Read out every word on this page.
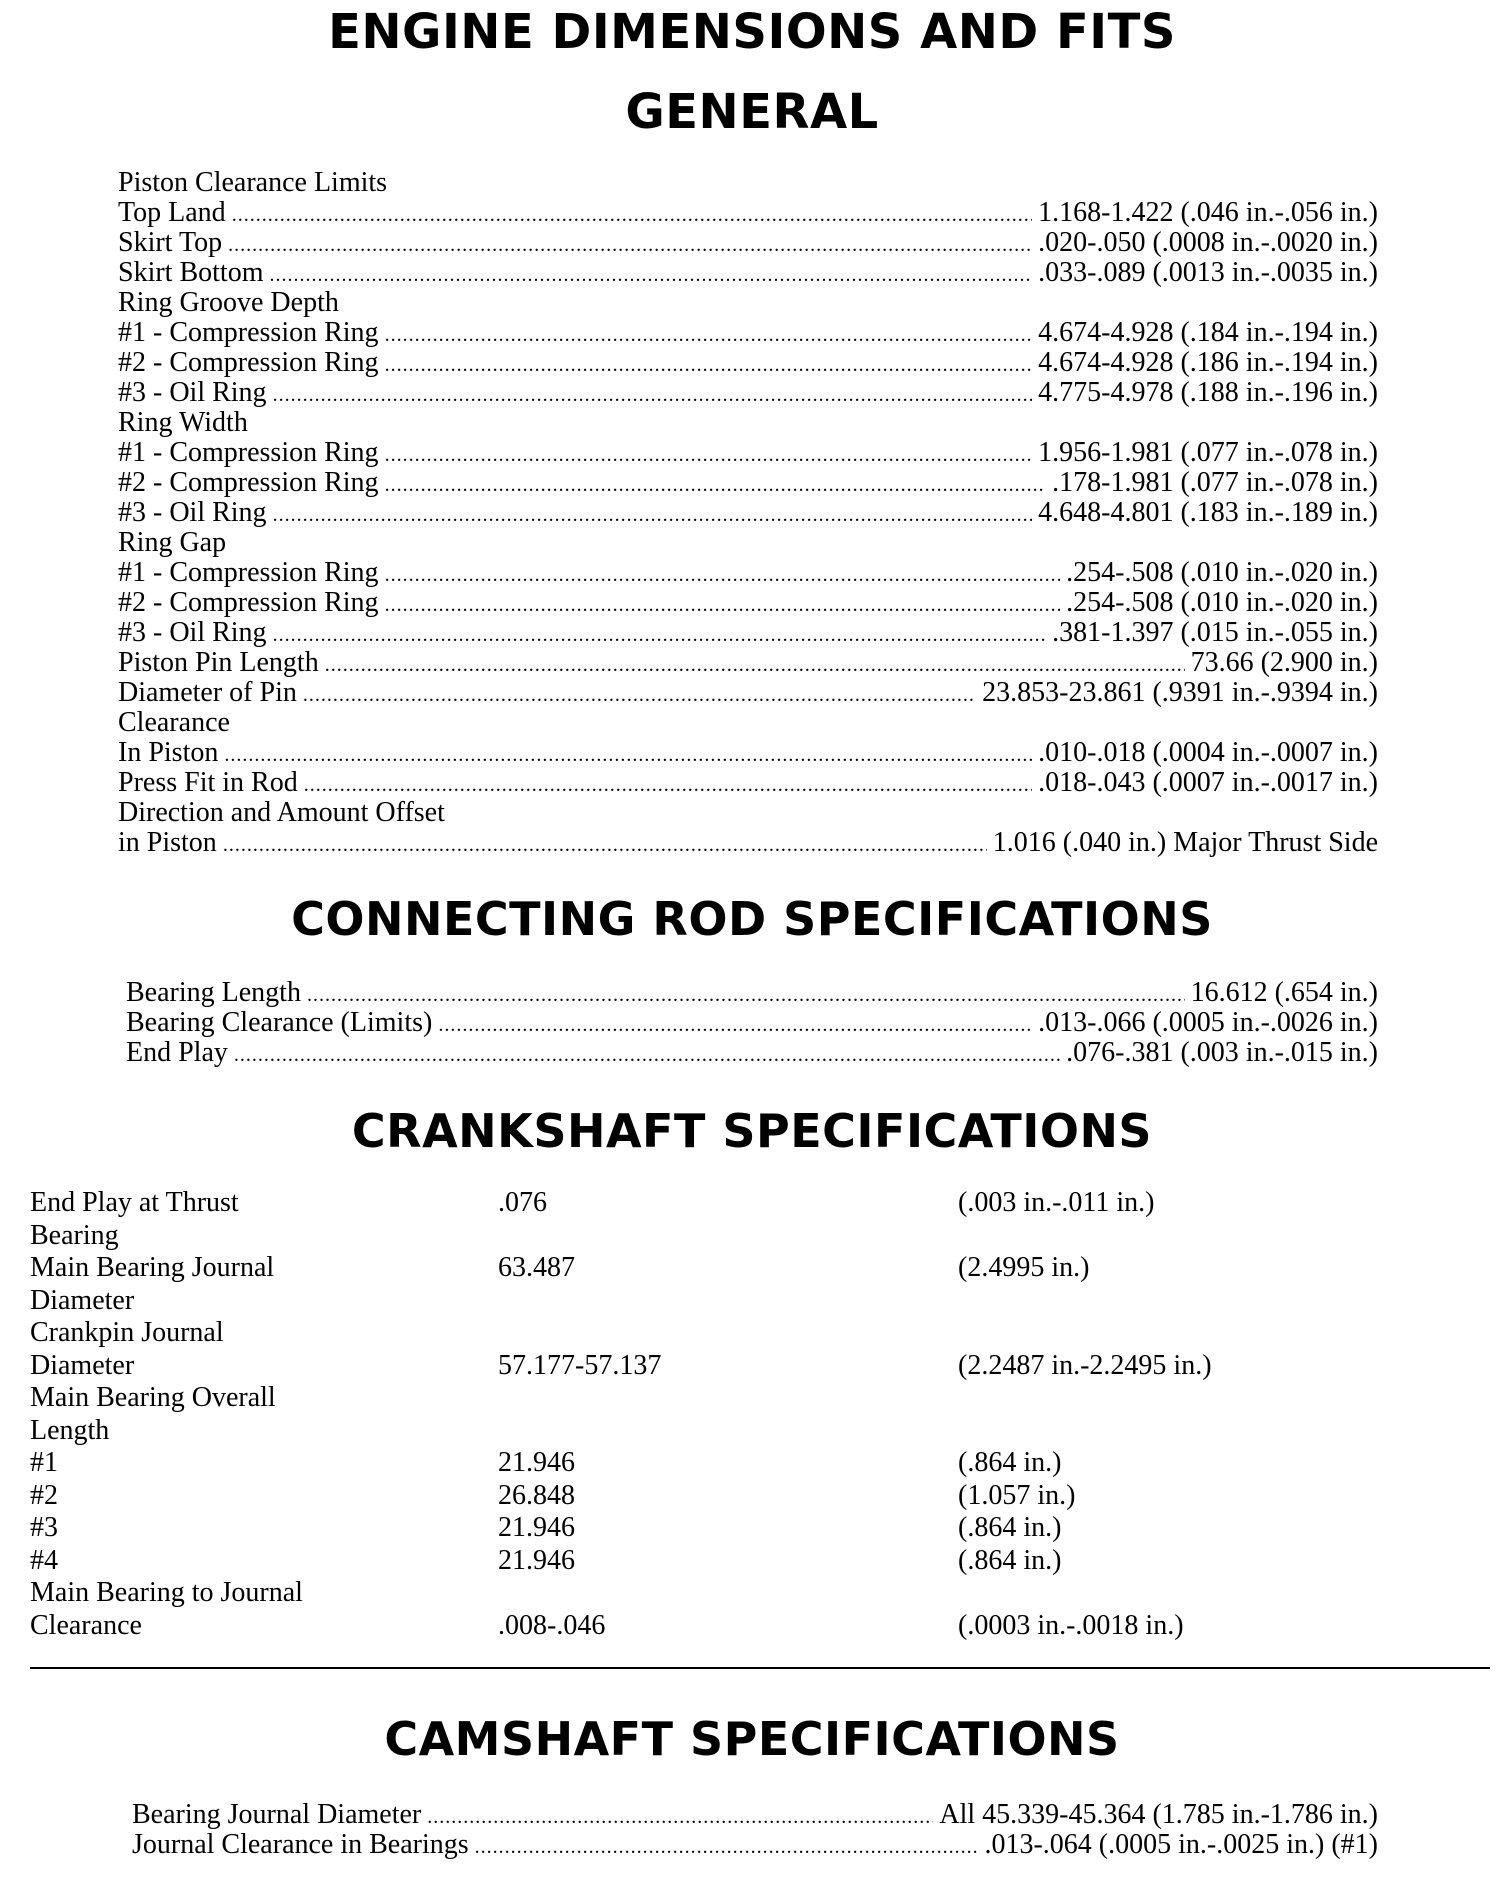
ENGINE DIMENSIONS AND FITS
GENERAL
Piston Clearance Limits
Top Land .....	1.168-1.422 (.046 in.-.056 in.)
Skirt Top .....	.020-.050 (.0008 in.-.0020 in.)
Skirt Bottom .....	.033-.089 (.0013 in.-.0035 in.)
Ring Groove Depth
#1 - Compression Ring .....	4.674-4.928 (.184 in.-.194 in.)
#2 - Compression Ring .....	4.674-4.928 (.186 in.-.194 in.)
#3 - Oil Ring .....	4.775-4.978 (.188 in.-.196 in.)
Ring Width
#1 - Compression Ring .....	1.956-1.981 (.077 in.-.078 in.)
#2 - Compression Ring .....	.178-1.981 (.077 in.-.078 in.)
#3 - Oil Ring .....	4.648-4.801 (.183 in.-.189 in.)
Ring Gap
#1 - Compression Ring .....	.254-.508 (.010 in.-.020 in.)
#2 - Compression Ring .....	.254-.508 (.010 in.-.020 in.)
#3 - Oil Ring .....	.381-1.397 (.015 in.-.055 in.)
Piston Pin Length .....	73.66 (2.900 in.)
Diameter of Pin .....	23.853-23.861 (.9391 in.-.9394 in.)
Clearance
In Piston .....	.010-.018 (.0004 in.-.0007 in.)
Press Fit in Rod .....	.018-.043 (.0007 in.-.0017 in.)
Direction and Amount Offset
in Piston .....	1.016 (.040 in.) Major Thrust Side
CONNECTING ROD SPECIFICATIONS
Bearing Length .....	16.612 (.654 in.)
Bearing Clearance (Limits) .....	.013-.066 (.0005 in.-.0026 in.)
End Play .....	.076-.381 (.003 in.-.015 in.)
CRANKSHAFT SPECIFICATIONS
End Play at Thrust	.076	(.003 in.-.011 in.)
Bearing
Main Bearing Journal	63.487	(2.4995 in.)
Diameter
Crankpin Journal
Diameter	57.177-57.137	(2.2487 in.-2.2495 in.)
Main Bearing Overall
Length
#1	21.946	(.864 in.)
#2	26.848	(1.057 in.)
#3	21.946	(.864 in.)
#4	21.946	(.864 in.)
Main Bearing to Journal
Clearance	.008-.046	(.0003 in.-.0018 in.)
CAMSHAFT SPECIFICATIONS
Bearing Journal Diameter .....	All 45.339-45.364 (1.785 in.-1.786 in.)
Journal Clearance in Bearings .....	.013-.064 (.0005 in.-.0025 in.) (#1)
